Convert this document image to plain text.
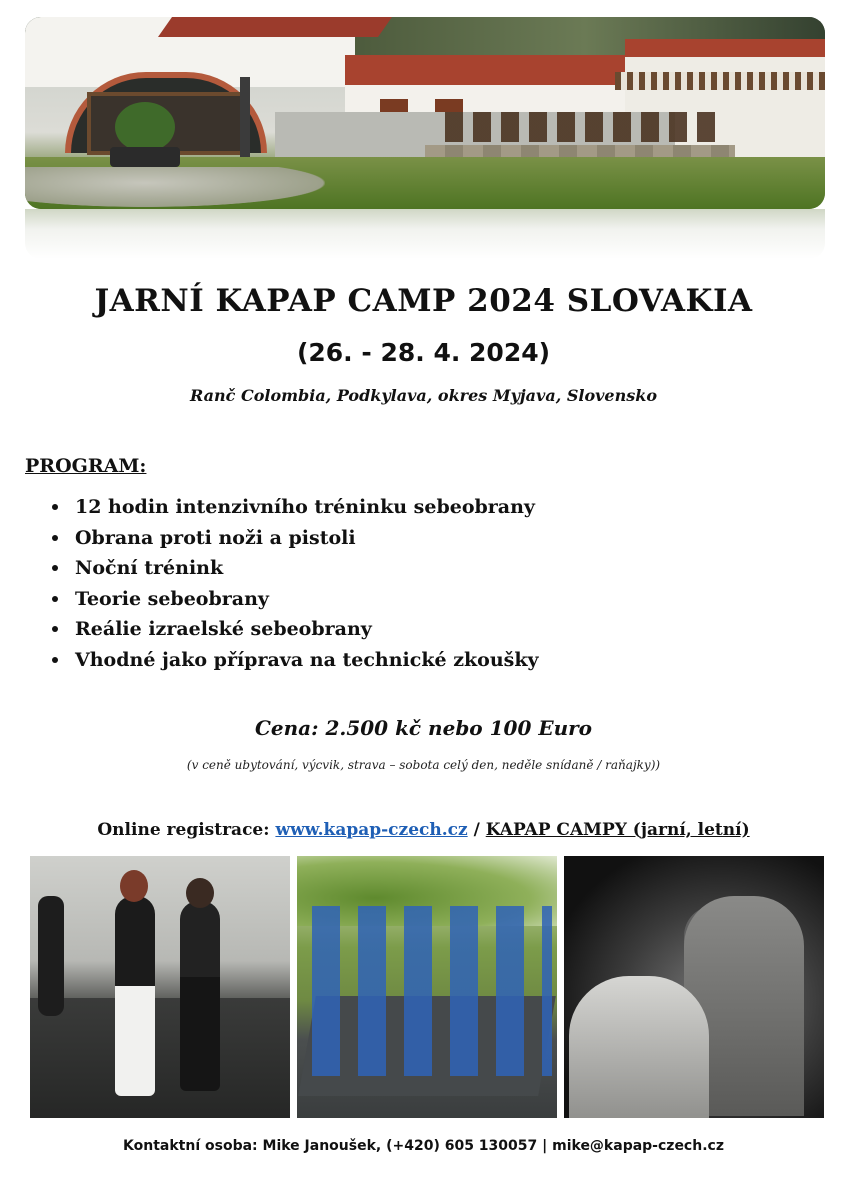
JARNÍ KAPAP CAMP 2024 SLOVAKIA
(26. - 28. 4. 2024)
Ranč Colombia, Podkylava, okres Myjava, Slovensko
PROGRAM:
12 hodin intenzivního tréninku sebeobrany
Obrana proti noži a pistoli
Noční trénink
Teorie sebeobrany
Reálie izraelské sebeobrany
Vhodné jako příprava na technické zkoušky
Cena: 2.500 kč nebo 100 Euro
(v ceně ubytování, výcvik, strava – sobota celý den, neděle snídaně / raňajky))
Online registrace: www.kapap-czech.cz / KAPAP CAMPY (jarní, letní)
Kontaktní osoba: Mike Janoušek, (+420) 605 130057 | mike@kapap-czech.cz
